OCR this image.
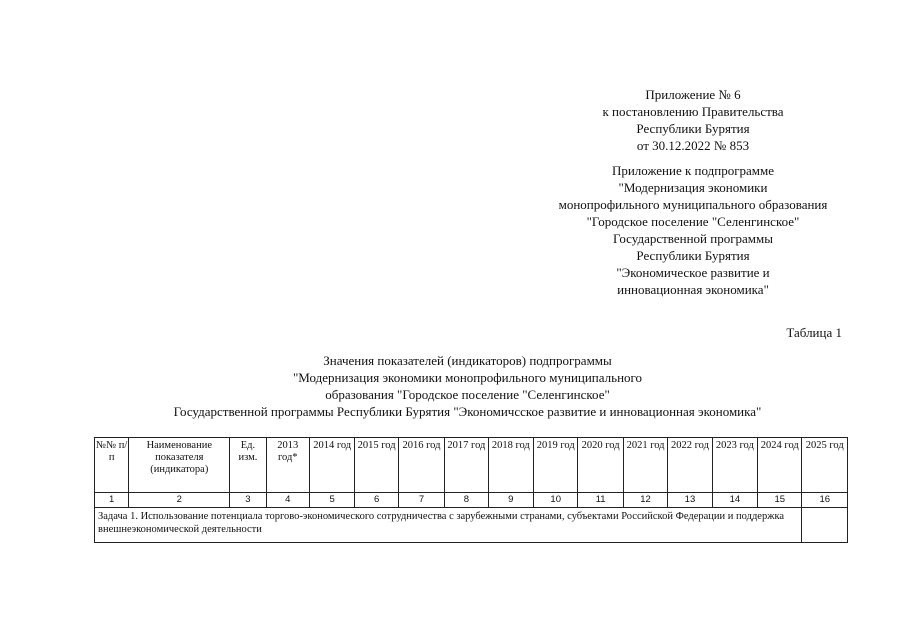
Приложение № 6
к постановлению Правительства
Республики Бурятия
от 30.12.2022 № 853
Приложение к подпрограмме
"Модернизация экономики
монопрофильного муниципального образования
"Городское поселение "Селенгинское"
Государственной программы
Республики Бурятия
"Экономическое развитие и
инновационная экономика"
Таблица 1
Значения показателей (индикаторов) подпрограммы
"Модернизация экономики монопрофильного муниципального
образования "Городское поселение "Селенгинское"
Государственной программы Республики Бурятия "Экономичсское развитие и инновационная экономика"
№№ п/п	Наименование показателя (индикатора)	Ед. изм.	2013 год*	2014 год	2015 год	2016 год	2017 год	2018 год	2019 год	2020 год	2021 год	2022 год	2023 год	2024 год	2025 год
1	2	3	4	5	6	7	8	9	10	11	12	13	14	15	16
Задача 1. Использование потенциала торгово-экономического сотрудничества с зарубежными странами, субъектами Российской Федерации и поддержка внешнеэкономической деятельности															
